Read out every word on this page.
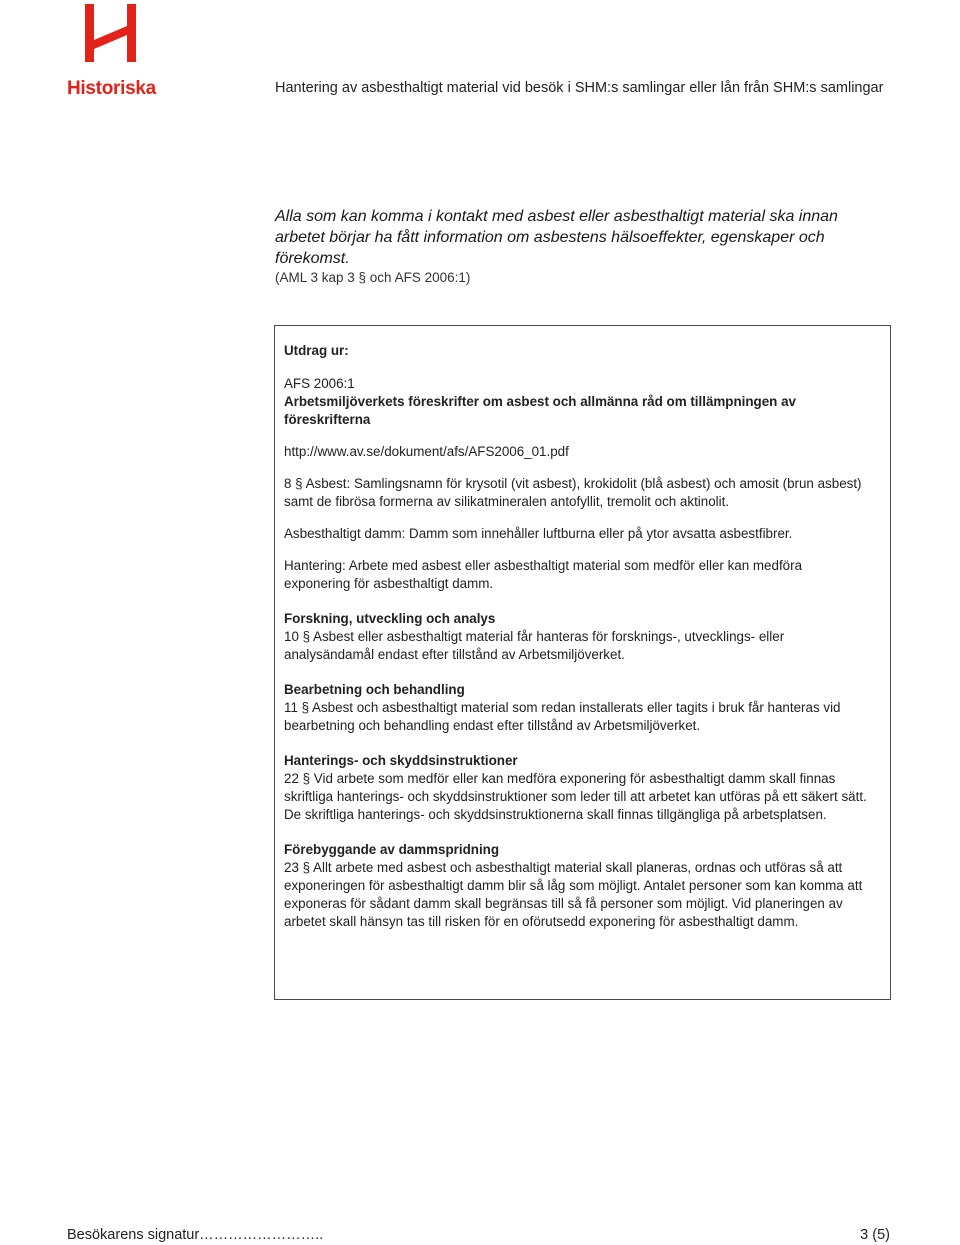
Historiska	Hantering av asbesthaltigt material vid besök i SHM:s samlingar eller lån från SHM:s samlingar

Alla som kan komma i kontakt med asbest eller asbesthaltigt material ska innan arbetet börjar ha fått information om asbestens hälsoeffekter, egenskaper och förekomst.

(AML 3 kap 3 § och AFS 2006:1)

Utdrag ur:

AFS 2006:1

Arbetsmiljöverkets föreskrifter om asbest och allmänna råd om tillämpningen av föreskrifterna

http://www.av.se/dokument/afs/AFS2006_01.pdf

8 § Asbest: Samlingsnamn för krysotil (vit asbest), krokidolit (blå asbest) och amosit (brun asbest) samt de fibrösa formerna av silikatmineralen antofyllit, tremolit och aktinolit.

Asbesthaltigt damm: Damm som innehåller luftburna eller på ytor avsatta asbestfibrer.

Hantering: Arbete med asbest eller asbesthaltigt material som medför eller kan medföra exponering för asbesthaltigt damm.

Forskning, utveckling och analys

10 § Asbest eller asbesthaltigt material får hanteras för forsknings-, utvecklings- eller analysändamål endast efter tillstånd av Arbetsmiljöverket.

Bearbetning och behandling

11 § Asbest och asbesthaltigt material som redan installerats eller tagits i bruk får hanteras vid bearbetning och behandling endast efter tillstånd av Arbetsmiljöverket.

Hanterings- och skyddsinstruktioner

22 § Vid arbete som medför eller kan medföra exponering för asbesthaltigt damm skall finnas skriftliga hanterings- och skyddsinstruktioner som leder till att arbetet kan utföras på ett säkert sätt. De skriftliga hanterings- och skyddsinstruktionerna skall finnas tillgängliga på arbetsplatsen.

Förebyggande av dammspridning

23 § Allt arbete med asbest och asbesthaltigt material skall planeras, ordnas och utföras så att exponeringen för asbesthaltigt damm blir så låg som möjligt. Antalet personer som kan komma att exponeras för sådant damm skall begränsas till så få personer som möjligt. Vid planeringen av arbetet skall hänsyn tas till risken för en oförutsedd exponering för asbesthaltigt damm.

Besökarens signatur……………………..	3 (5)
